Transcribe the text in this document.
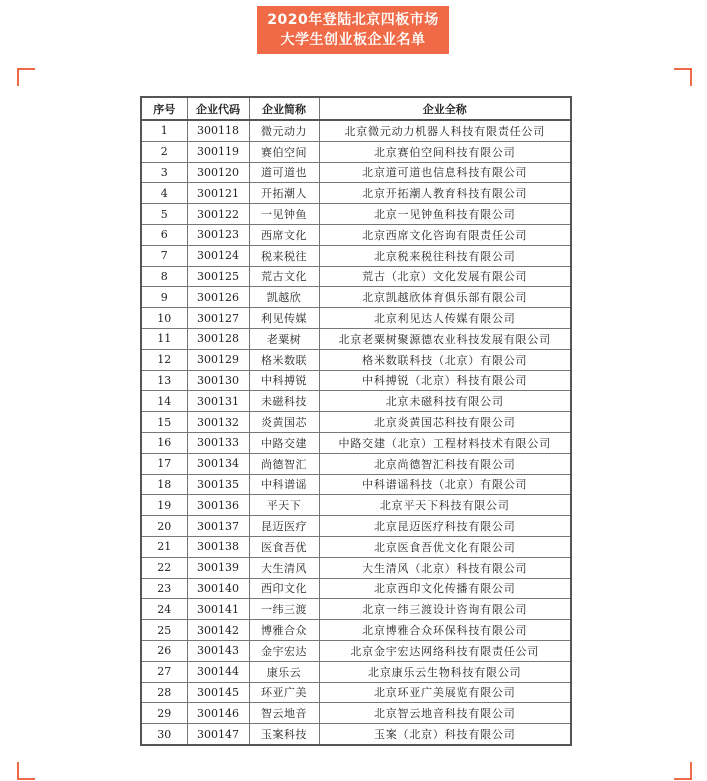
2020年登陆北京四板市场
大学生创业板企业名单
序号	企业代码	企业简称	企业全称
1	300118	微元动力	北京微元动力机器人科技有限责任公司
2	300119	赛伯空间	北京赛伯空间科技有限公司
3	300120	道可道也	北京道可道也信息科技有限公司
4	300121	开拓潮人	北京开拓潮人教育科技有限公司
5	300122	一见钟鱼	北京一见钟鱼科技有限公司
6	300123	西席文化	北京西席文化咨询有限责任公司
7	300124	税来税往	北京税来税往科技有限公司
8	300125	荒古文化	荒古（北京）文化发展有限公司
9	300126	凯越欣	北京凯越欣体育俱乐部有限公司
10	300127	利见传媒	北京利见达人传媒有限公司
11	300128	老粟树	北京老粟树聚源德农业科技发展有限公司
12	300129	格米数联	格米数联科技（北京）有限公司
13	300130	中科搏锐	中科搏锐（北京）科技有限公司
14	300131	未磁科技	北京未磁科技有限公司
15	300132	炎黄国芯	北京炎黄国芯科技有限公司
16	300133	中路交建	中路交建（北京）工程材料技术有限公司
17	300134	尚德智汇	北京尚德智汇科技有限公司
18	300135	中科谱谣	中科谱谣科技（北京）有限公司
19	300136	平天下	北京平天下科技有限公司
20	300137	昆迈医疗	北京昆迈医疗科技有限公司
21	300138	医食吾优	北京医食吾优文化有限公司
22	300139	大生清风	大生清风（北京）科技有限公司
23	300140	西印文化	北京西印文化传播有限公司
24	300141	一纬三渡	北京一纬三渡设计咨询有限公司
25	300142	博雅合众	北京博雅合众环保科技有限公司
26	300143	金宇宏达	北京金宇宏达网络科技有限责任公司
27	300144	康乐云	北京康乐云生物科技有限公司
28	300145	环亚广美	北京环亚广美展览有限公司
29	300146	智云地音	北京智云地音科技有限公司
30	300147	玉案科技	玉案（北京）科技有限公司
